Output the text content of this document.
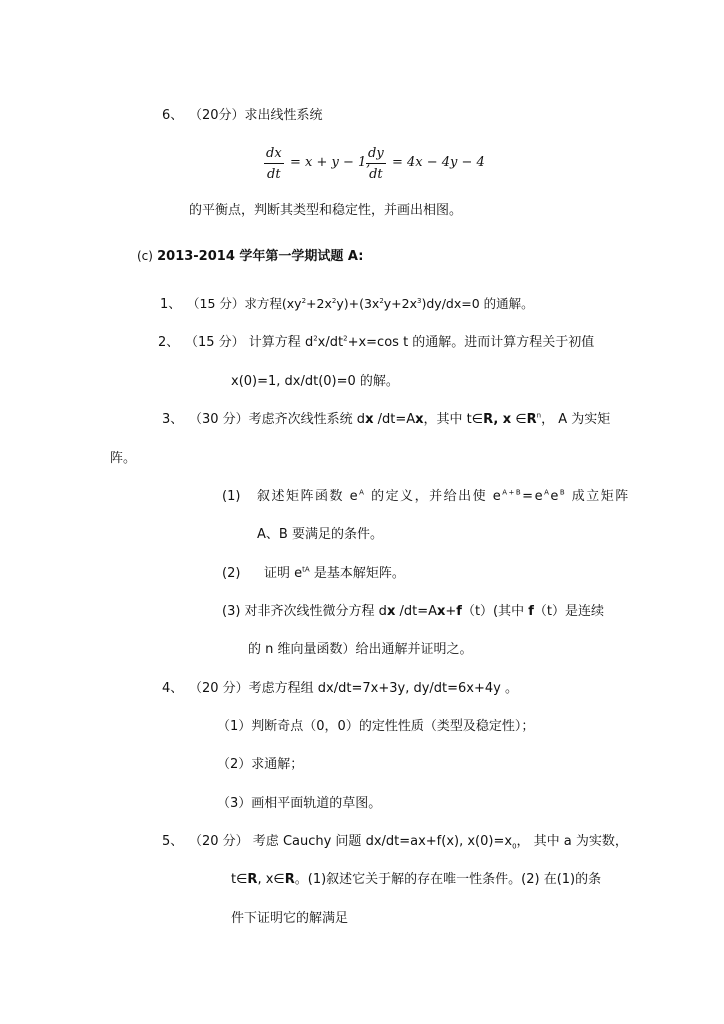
6、 （20分）求出线性系统
$\frac{dx}{dt} = x + y - 1$,
$\frac{dy}{dt} = 4x - 4y - 4$
的平衡点，判断其类型和稳定性，并画出相图。
(c) 2013-2014 学年第一学期试题 A:
1、 （15 分）求方程$(xy^2+2x^2y)+(3x^2y+2x^3)dy/dx=0$ 的通解。
2、 （15 分） 计算方程 $d^2x/dt^2+x=\cos$ t 的通解。进而计算方程关于初值
x(0)=1, dx/dt(0)=0 的解。
3、 （30 分）考虑齐次线性系统 dx /dt=Ax，其中 t∈R, x $\in R^n$， A 为实矩
阵。
(1) 叙述矩阵函数 $e^A$ 的定义，并给出使 $e^{A+B}=e^Ae^B$ 成立矩阵
A、B 要满足的条件。
(2) 证明 $e^{tA}$ 是基本解矩阵。
(3) 对非齐次线性微分方程 dx /dt=Ax+f（t）(其中 f（t）是连续
的 n 维向量函数）给出通解并证明之。
4、 （20 分）考虑方程组 dx/dt=7x+3y, dy/dt=6x+4y 。
（1）判断奇点（0，0）的定性性质（类型及稳定性）；
（2）求通解；
（3）画相平面轨道的草图。
5、 （20 分） 考虑 Cauchy 问题 dx/dt=ax+f(x), $x(0)=x_0$， 其中 a 为实数，
t∈R, x∈R。(1)叙述它关于解的存在唯一性条件。(2) 在(1)的条
件下证明它的解满足
